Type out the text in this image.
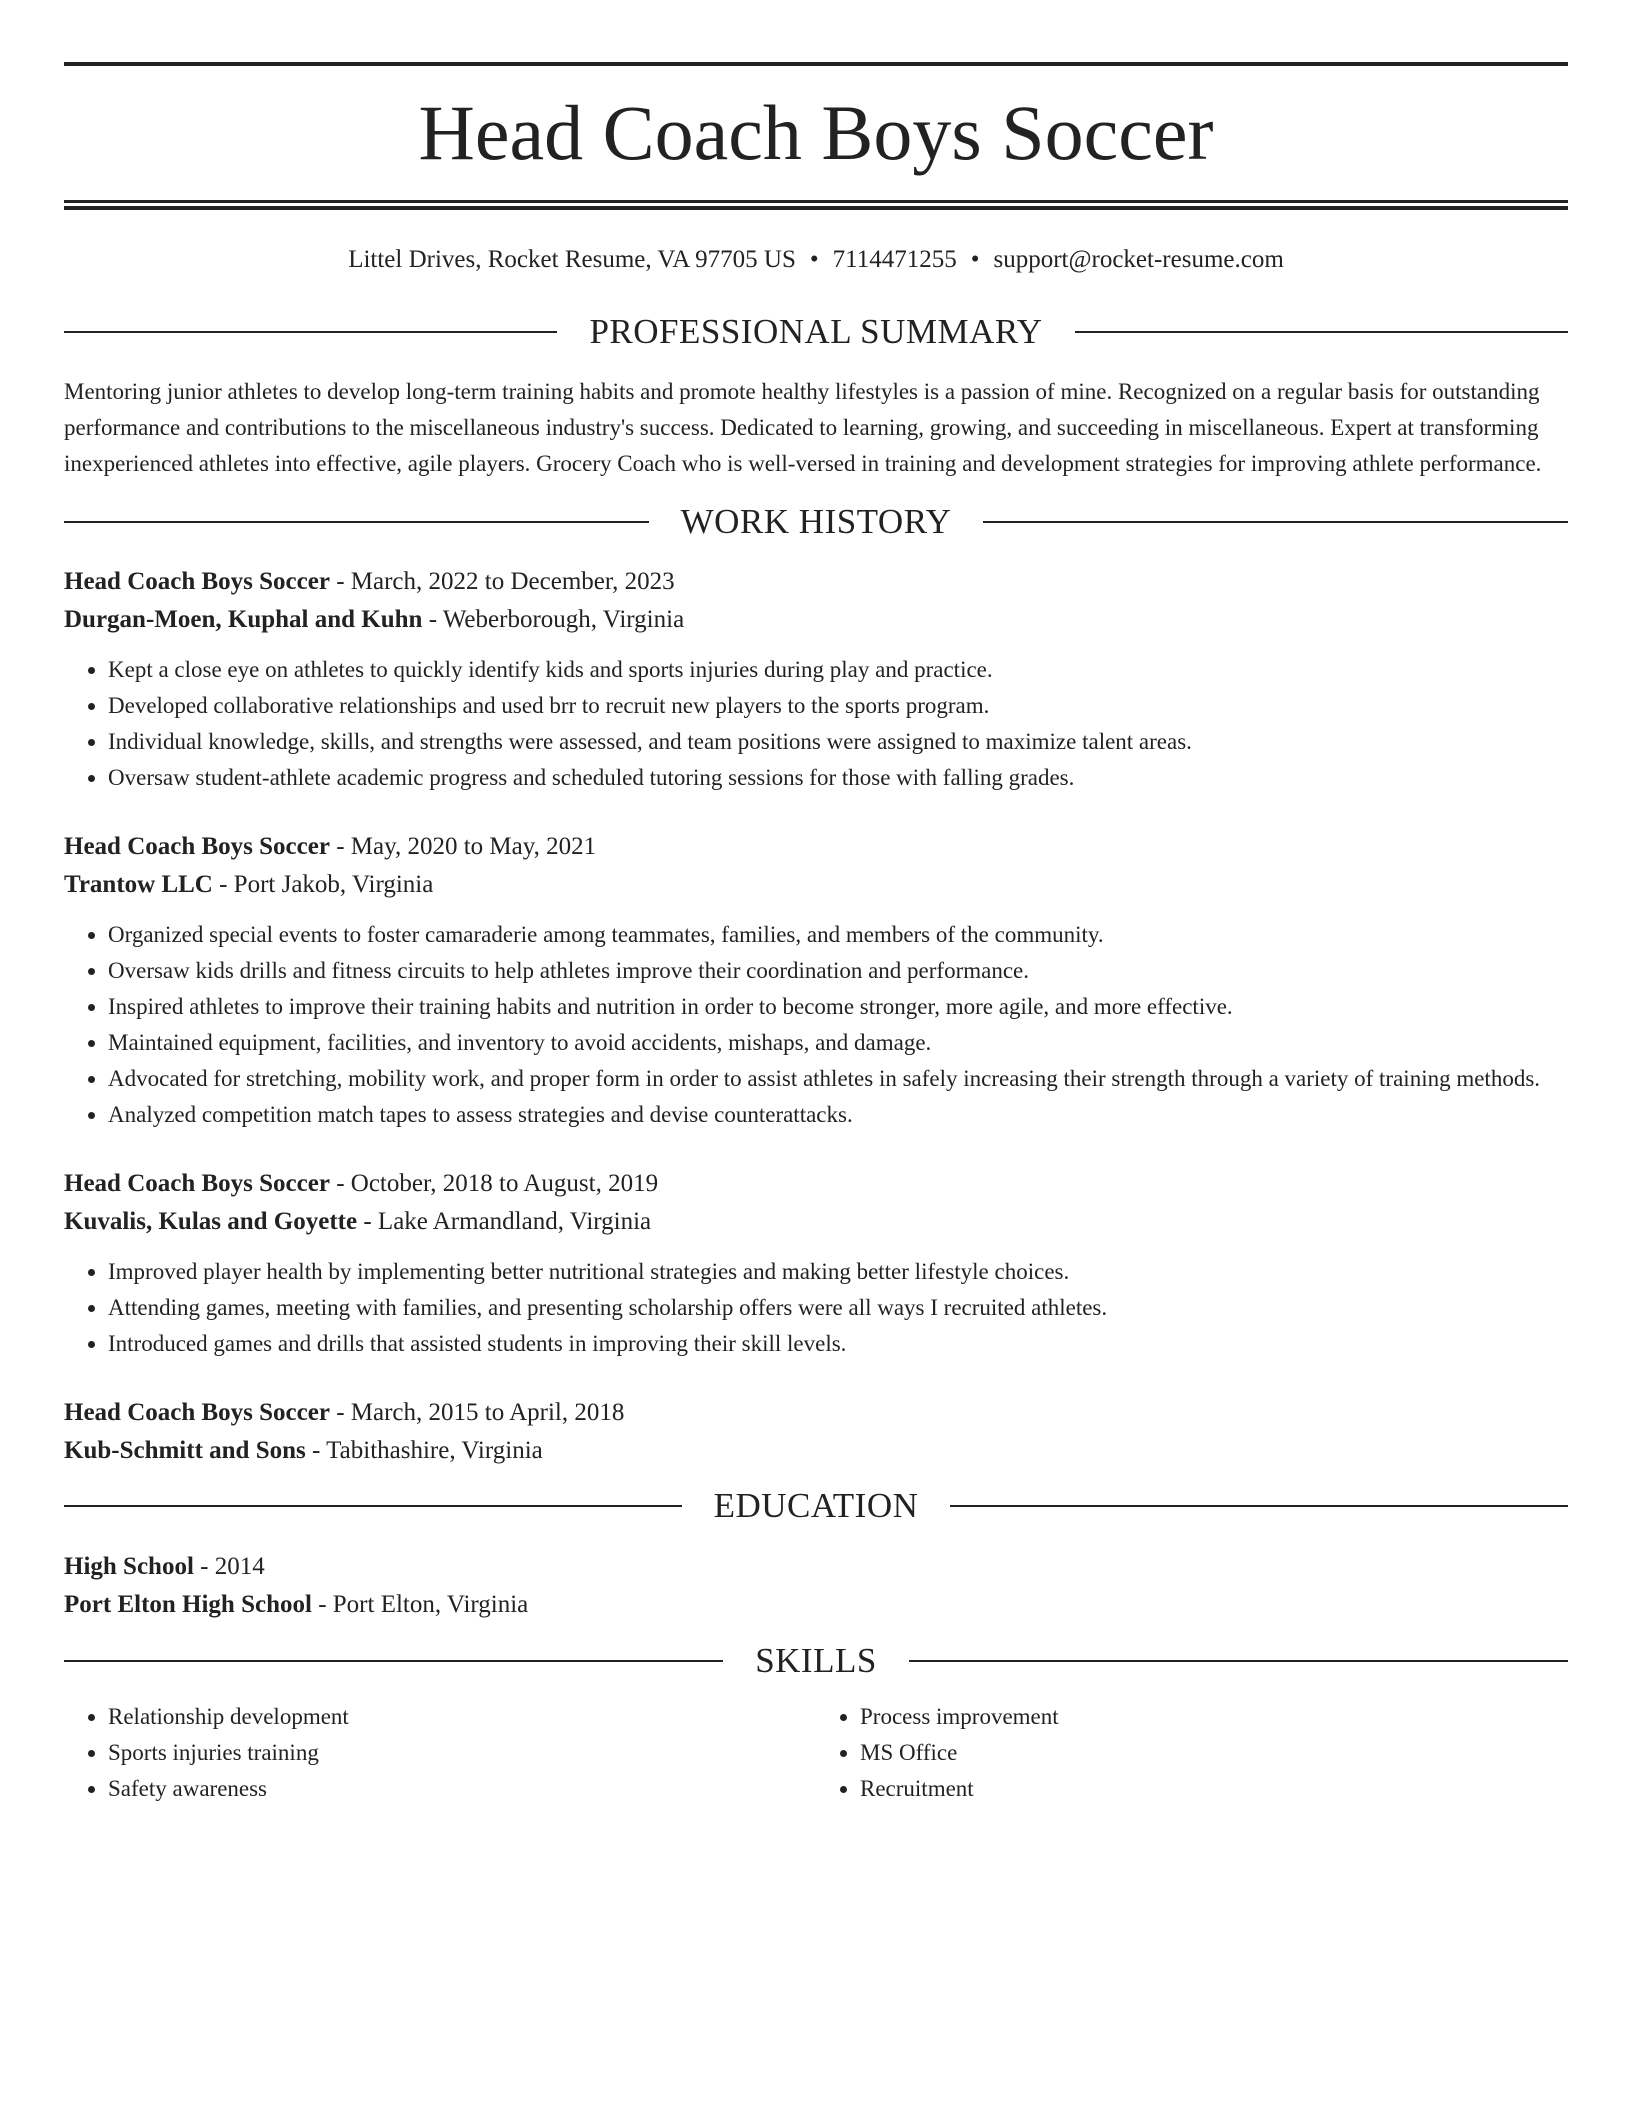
Head Coach Boys Soccer
Littel Drives, Rocket Resume, VA 97705 US • 7114471255 • support@rocket-resume.com
PROFESSIONAL SUMMARY
Mentoring junior athletes to develop long-term training habits and promote healthy lifestyles is a passion of mine. Recognized on a regular basis for outstanding performance and contributions to the miscellaneous industry's success. Dedicated to learning, growing, and succeeding in miscellaneous. Expert at transforming inexperienced athletes into effective, agile players. Grocery Coach who is well-versed in training and development strategies for improving athlete performance.
WORK HISTORY
Head Coach Boys Soccer - March, 2022 to December, 2023
Durgan-Moen, Kuphal and Kuhn - Weberborough, Virginia
• Kept a close eye on athletes to quickly identify kids and sports injuries during play and practice.
• Developed collaborative relationships and used brr to recruit new players to the sports program.
• Individual knowledge, skills, and strengths were assessed, and team positions were assigned to maximize talent areas.
• Oversaw student-athlete academic progress and scheduled tutoring sessions for those with falling grades.
Head Coach Boys Soccer - May, 2020 to May, 2021
Trantow LLC - Port Jakob, Virginia
• Organized special events to foster camaraderie among teammates, families, and members of the community.
• Oversaw kids drills and fitness circuits to help athletes improve their coordination and performance.
• Inspired athletes to improve their training habits and nutrition in order to become stronger, more agile, and more effective.
• Maintained equipment, facilities, and inventory to avoid accidents, mishaps, and damage.
• Advocated for stretching, mobility work, and proper form in order to assist athletes in safely increasing their strength through a variety of training methods.
• Analyzed competition match tapes to assess strategies and devise counterattacks.
Head Coach Boys Soccer - October, 2018 to August, 2019
Kuvalis, Kulas and Goyette - Lake Armandland, Virginia
• Improved player health by implementing better nutritional strategies and making better lifestyle choices.
• Attending games, meeting with families, and presenting scholarship offers were all ways I recruited athletes.
• Introduced games and drills that assisted students in improving their skill levels.
Head Coach Boys Soccer - March, 2015 to April, 2018
Kub-Schmitt and Sons - Tabithashire, Virginia
EDUCATION
High School - 2014
Port Elton High School - Port Elton, Virginia
SKILLS
• Relationship development
• Sports injuries training
• Safety awareness
• Process improvement
• MS Office
• Recruitment
